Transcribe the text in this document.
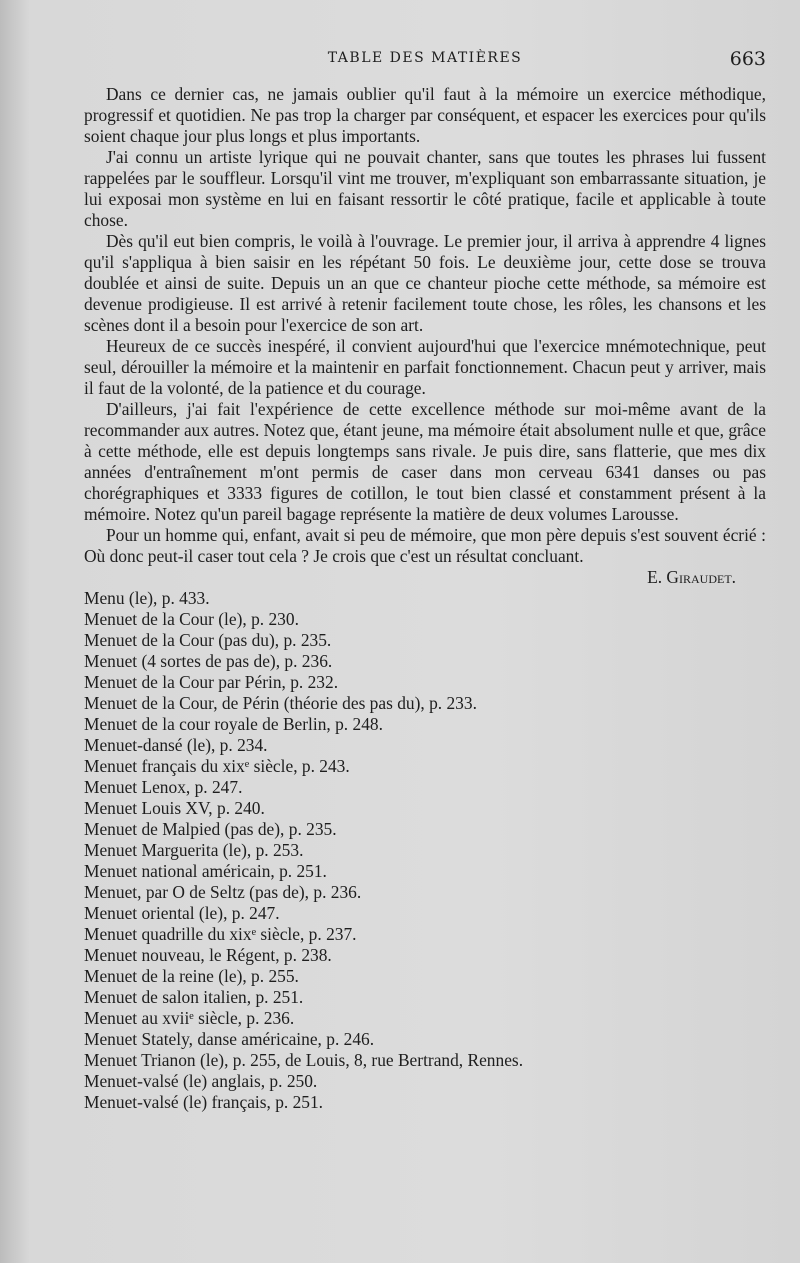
TABLE DES MATIÈRES	663

Dans ce dernier cas, ne jamais oublier qu'il faut à la mémoire un exercice méthodique, progressif et quotidien. Ne pas trop la charger par conséquent, et espacer les exercices pour qu'ils soient chaque jour plus longs et plus importants.

J'ai connu un artiste lyrique qui ne pouvait chanter, sans que toutes les phrases lui fussent rappelées par le souffleur. Lorsqu'il vint me trouver, m'expliquant son embarrassante situation, je lui exposai mon système en lui en faisant ressortir le côté pratique, facile et applicable à toute chose.

Dès qu'il eut bien compris, le voilà à l'ouvrage. Le premier jour, il arriva à apprendre 4 lignes qu'il s'appliqua à bien saisir en les répétant 50 fois. Le deuxième jour, cette dose se trouva doublée et ainsi de suite. Depuis un an que ce chanteur pioche cette méthode, sa mémoire est devenue prodigieuse. Il est arrivé à retenir facilement toute chose, les rôles, les chansons et les scènes dont il a besoin pour l'exercice de son art.

Heureux de ce succès inespéré, il convient aujourd'hui que l'exercice mnémotechnique, peut seul, dérouiller la mémoire et la maintenir en parfait fonctionnement. Chacun peut y arriver, mais il faut de la volonté, de la patience et du courage.

D'ailleurs, j'ai fait l'expérience de cette excellence méthode sur moi-même avant de la recommander aux autres. Notez que, étant jeune, ma mémoire était absolument nulle et que, grâce à cette méthode, elle est depuis longtemps sans rivale. Je puis dire, sans flatterie, que mes dix années d'entraînement m'ont permis de caser dans mon cerveau 6341 danses ou pas chorégraphiques et 3333 figures de cotillon, le tout bien classé et constamment présent à la mémoire. Notez qu'un pareil bagage représente la matière de deux volumes Larousse.

Pour un homme qui, enfant, avait si peu de mémoire, que mon père depuis s'est souvent écrié : Où donc peut-il caser tout cela ? Je crois que c'est un résultat concluant.

E. Giraudet.

Menu (le), p. 433.
Menuet de la Cour (le), p. 230.
Menuet de la Cour (pas du), p. 235.
Menuet (4 sortes de pas de), p. 236.
Menuet de la Cour par Périn, p. 232.
Menuet de la Cour, de Périn (théorie des pas du), p. 233.
Menuet de la cour royale de Berlin, p. 248.
Menuet-dansé (le), p. 234.
Menuet français du xixᵉ siècle, p. 243.
Menuet Lenox, p. 247.
Menuet Louis XV, p. 240.
Menuet de Malpied (pas de), p. 235.
Menuet Marguerita (le), p. 253.
Menuet national américain, p. 251.
Menuet, par O de Seltz (pas de), p. 236.
Menuet oriental (le), p. 247.
Menuet quadrille du xixᵉ siècle, p. 237.
Menuet nouveau, le Régent, p. 238.
Menuet de la reine (le), p. 255.
Menuet de salon italien, p. 251.
Menuet au xviiᵉ siècle, p. 236.
Menuet Stately, danse américaine, p. 246.
Menuet Trianon (le), p. 255, de Louis, 8, rue Bertrand, Rennes.
Menuet-valsé (le) anglais, p. 250.
Menuet-valsé (le) français, p. 251.
